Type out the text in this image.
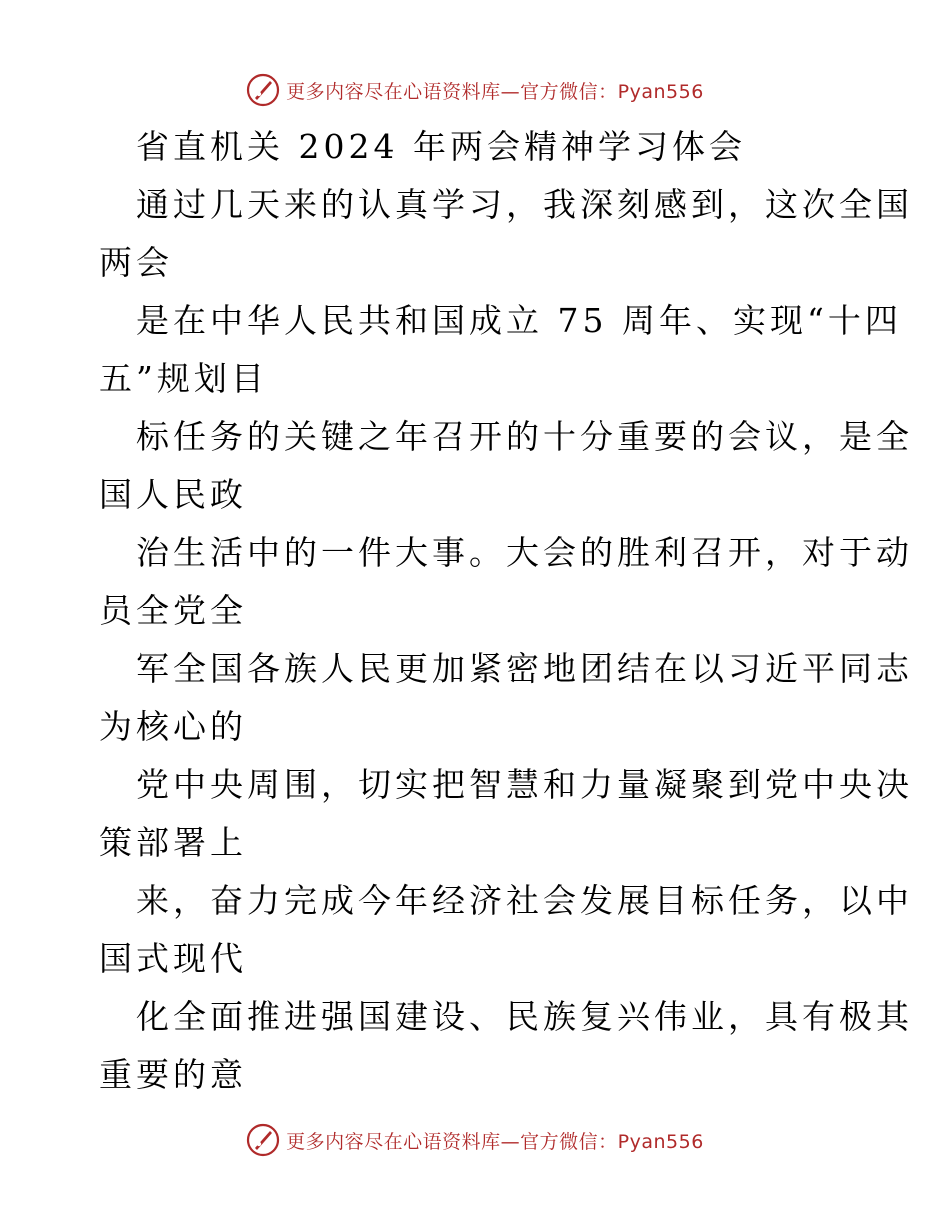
更多内容尽在心语资料库—官方微信：Pyan556
省直机关 2024 年两会精神学习体会
通过几天来的认真学习，我深刻感到，这次全国
两会
是在中华人民共和国成立 75 周年、实现“十四
五”规划目
标任务的关键之年召开的十分重要的会议，是全
国人民政
治生活中的一件大事。大会的胜利召开，对于动
员全党全
军全国各族人民更加紧密地团结在以习近平同志
为核心的
党中央周围，切实把智慧和力量凝聚到党中央决
策部署上
来，奋力完成今年经济社会发展目标任务，以中
国式现代
化全面推进强国建设、民族复兴伟业，具有极其
重要的意
更多内容尽在心语资料库—官方微信：Pyan556
